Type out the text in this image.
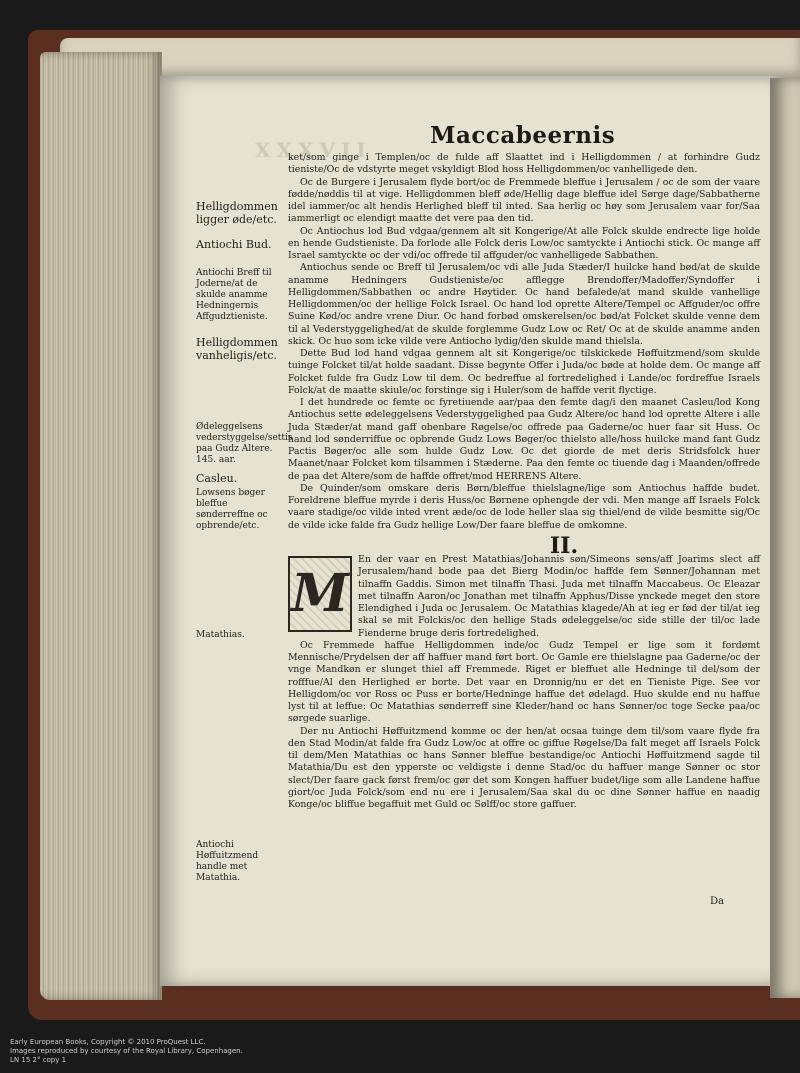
XXXVII
Maccabeernis
Helligdommen ligger øde/etc.
Antiochi Bud.
Antiochi Breff til Joderne/at de skulde anamme Hedningernis Affgudztieniste.
Helligdommen vanheligis/etc.
Ødeleggelsens vederstyggelse/settis paa Gudz Altere. 145. aar.
Casleu.
Lowsens bøger bleffue sønderreffne oc opbrende/etc.
Matathias.
Antiochi Høffuitzmend handle met Matathia.

ket/som ginge i Templen/oc de fulde aff Slaattet ind i Helligdommen / at forhindre Gudz tieniste/Oc de vdstyrte meget vskyldigt Blod hoss Helligdommen/oc vanhelligede den.

Oc de Burgere i Jerusalem flyde bort/oc de Fremmede bleffue i Jerusalem / oc de som der vaare fødde/nøddis til at vige. Helligdommen bleff øde/Hellig dage bleffue idel Sørge dage/Sabbatherne idel iammer/oc alt hendis Herlighed bleff til inted. Saa herlig oc høy som Jerusalem vaar for/Saa iammerligt oc elendigt maatte det vere paa den tid.

Oc Antiochus lod Bud vdgaa/gennem alt sit Kongerige/At alle Folck skulde endrecte lige holde en hende Gudstieniste. Da forlode alle Folck deris Low/oc samtyckte i Antiochi stick. Oc mange aff Israel samtyckte oc der vdi/oc offrede til affguder/oc vanhelligede Sabbathen.

Antiochus sende oc Breff til Jerusalem/oc vdi alle Juda Stæder/I huilcke hand bød/at de skulde anamme Hedningers Gudstieniste/oc afflegge Brendoffer/Madoffer/Syndoffer i Helligdommen/Sabbathen oc andre Høytider. Oc hand befalede/at mand skulde vanhellige Helligdommen/oc der hellige Folck Israel. Oc hand lod oprette Altere/Tempel oc Affguder/oc offre Suine Kød/oc andre vrene Diur. Oc hand forbød omskerelsen/oc bød/at Folcket skulde venne dem til al Vederstyggelighed/at de skulde forglemme Gudz Low oc Ret/ Oc at de skulde anamme anden skick. Oc huo som icke vilde vere Antiocho lydig/den skulde mand thielsla.

Dette Bud lod hand vdgaa gennem alt sit Kongerige/oc tilskickede Høffuitzmend/som skulde tuinge Folcket til/at holde saadant. Disse begynte Offer i Juda/oc bøde at holde dem. Oc mange aff Folcket fulde fra Gudz Low til dem. Oc bedreffue al fortredelighed i Lande/oc fordreffue Israels Folck/at de maatte skiule/oc forstinge sig i Huler/som de haffde verit flyctige.

I det hundrede oc femte oc fyretiuende aar/paa den femte dag/i den maanet Casleu/lod Kong Antiochus sette ødeleggelsens Vederstyggelighed paa Gudz Altere/oc hand lod oprette Altere i alle Juda Stæder/at mand gaff obenbare Røgelse/oc offrede paa Gaderne/oc huer faar sit Huss. Oc hand lod sønderriffue oc opbrende Gudz Lows Bøger/oc thielsto alle/hoss huilcke mand fant Gudz Pactis Bøger/oc alle som hulde Gudz Low. Oc det giorde de met deris Stridsfolck huer Maanet/naar Folcket kom tilsammen i Stæderne. Paa den femte oc tiuende dag i Maanden/offrede de paa det Altere/som de haffde offret/mod HERRENS Altere.

De Quinder/som omskare deris Børn/bleffue thielslagne/lige som Antiochus haffde budet. Foreldrene bleffue myrde i deris Huss/oc Børnene ophengde der vdi. Men mange aff Israels Folck vaare stadige/oc vilde inted vrent æde/oc de lode heller slaa sig thiel/end de vilde besmitte sig/Oc de vilde icke falde fra Gudz hellige Low/Der faare bleffue de omkomne.

II.
M

En der vaar en Prest Matathias/Johannis søn/Simeons søns/aff Joarims slect aff Jerusalem/hand bode paa det Bierg Modin/oc haffde fem Sønner/Johannan met tilnaffn Gaddis. Simon met tilnaffn Thasi. Juda met tilnaffn Maccabeus. Oc Eleazar met tilnaffn Aaron/oc Jonathan met tilnaffn Apphus/Disse ynckede meget den store Elendighed i Juda oc Jerusalem. Oc Matathias klagede/Ah at ieg er fød der til/at ieg skal se mit Folckis/oc den hellige Stads ødeleggelse/oc side stille der til/oc lade Fienderne bruge deris fortredelighed.

Oc Fremmede haffue Helligdommen inde/oc Gudz Tempel er lige som it fordømt Mennische/Prydelsen der aff haffuer mand ført bort. Oc Gamle ere thielslagne paa Gaderne/oc der vnge Mandkøn er slunget thiel aff Fremmede. Riget er bleffuet alle Hedninge til del/som der rofffue/Al den Herlighed er borte. Det vaar en Dronnig/nu er det en Tieniste Pige. See vor Helligdom/oc vor Ross oc Puss er borte/Hedninge haffue det ødelagd. Huo skulde end nu haffue lyst til at leffue: Oc Matathias sønderreff sine Kleder/hand oc hans Sønner/oc toge Secke paa/oc sørgede suarlige.

Der nu Antiochi Høffuitzmend komme oc der hen/at ocsaa tuinge dem til/som vaare flyde fra den Stad Modin/at falde fra Gudz Low/oc at offre oc giffue Røgelse/Da falt meget aff Israels Folck til dem/Men Matathias oc hans Sønner bleffue bestandige/oc Antiochi Høffuitzmend sagde til Matathia/Du est den ypperste oc veldigste i denne Stad/oc du haffuer mange Sønner oc stor slect/Der faare gack først frem/oc gør det som Kongen haffuer budet/lige som alle Landene haffue giort/oc Juda Folck/som end nu ere i Jerusalem/Saa skal du oc dine Sønner haffue en naadig Konge/oc bliffue begaffuit met Guld oc Sølff/oc store gaffuer.

Da
Early European Books, Copyright © 2010 ProQuest LLC.
Images reproduced by courtesy of the Royal Library, Copenhagen.
LN 15 2° copy 1
